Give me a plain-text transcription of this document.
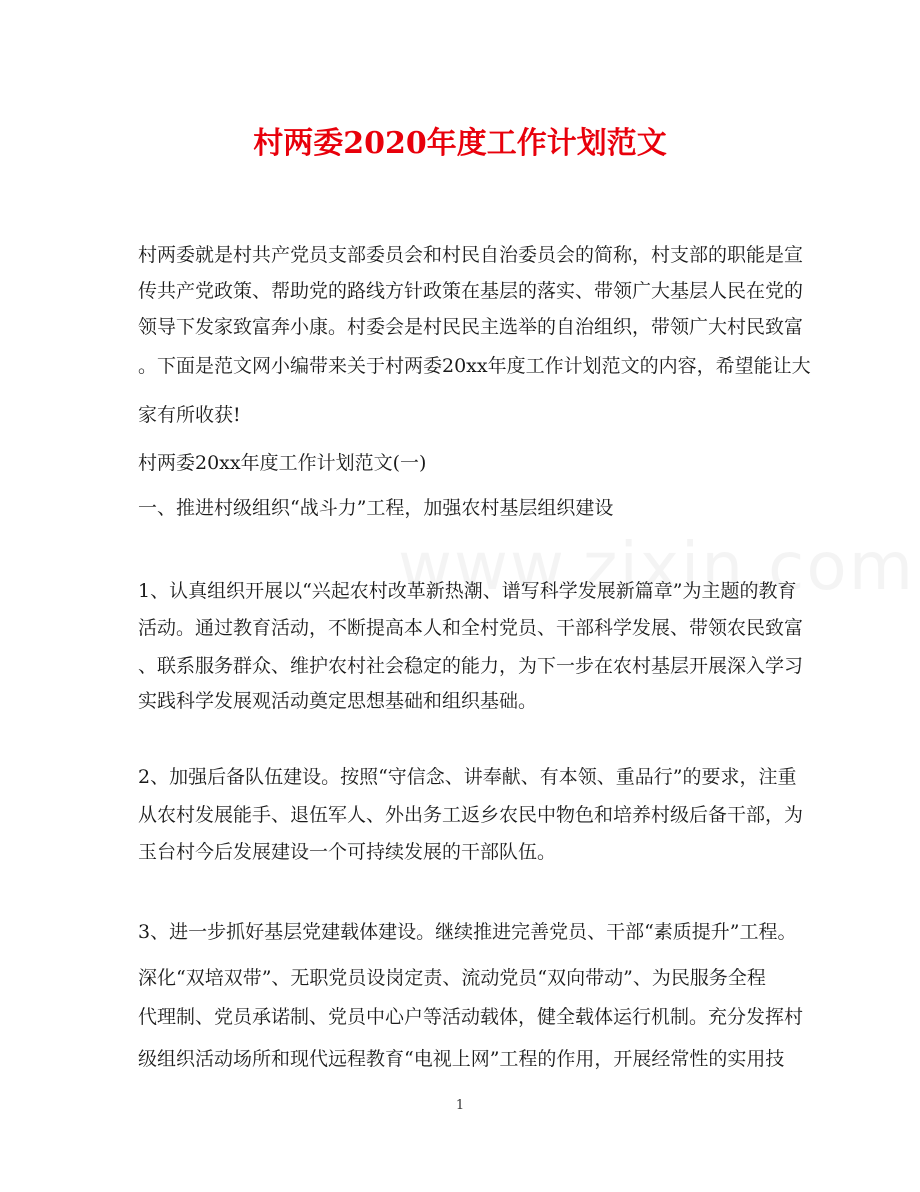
村两委2020年度工作计划范文
村两委就是村共产党员支部委员会和村民自治委员会的简称，村支部的职能是宣
传共产党政策、帮助党的路线方针政策在基层的落实、带领广大基层人民在党的
领导下发家致富奔小康。村委会是村民民主选举的自治组织，带领广大村民致富
。下面是范文网小编带来关于村两委20xx年度工作计划范文的内容，希望能让大
家有所收获!
村两委20xx年度工作计划范文(一)
一、推进村级组织“战斗力”工程，加强农村基层组织建设
1、认真组织开展以“兴起农村改革新热潮、谱写科学发展新篇章”为主题的教育
活动。通过教育活动，不断提高本人和全村党员、干部科学发展、带领农民致富
、联系服务群众、维护农村社会稳定的能力，为下一步在农村基层开展深入学习
实践科学发展观活动奠定思想基础和组织基础。
2、加强后备队伍建设。按照“守信念、讲奉献、有本领、重品行”的要求，注重
从农村发展能手、退伍军人、外出务工返乡农民中物色和培养村级后备干部，为
玉台村今后发展建设一个可持续发展的干部队伍。
3、进一步抓好基层党建载体建设。继续推进完善党员、干部“素质提升”工程。
深化“双培双带”、无职党员设岗定责、流动党员“双向带动”、为民服务全程
代理制、党员承诺制、党员中心户等活动载体，健全载体运行机制。充分发挥村
级组织活动场所和现代远程教育“电视上网”工程的作用，开展经常性的实用技
1
